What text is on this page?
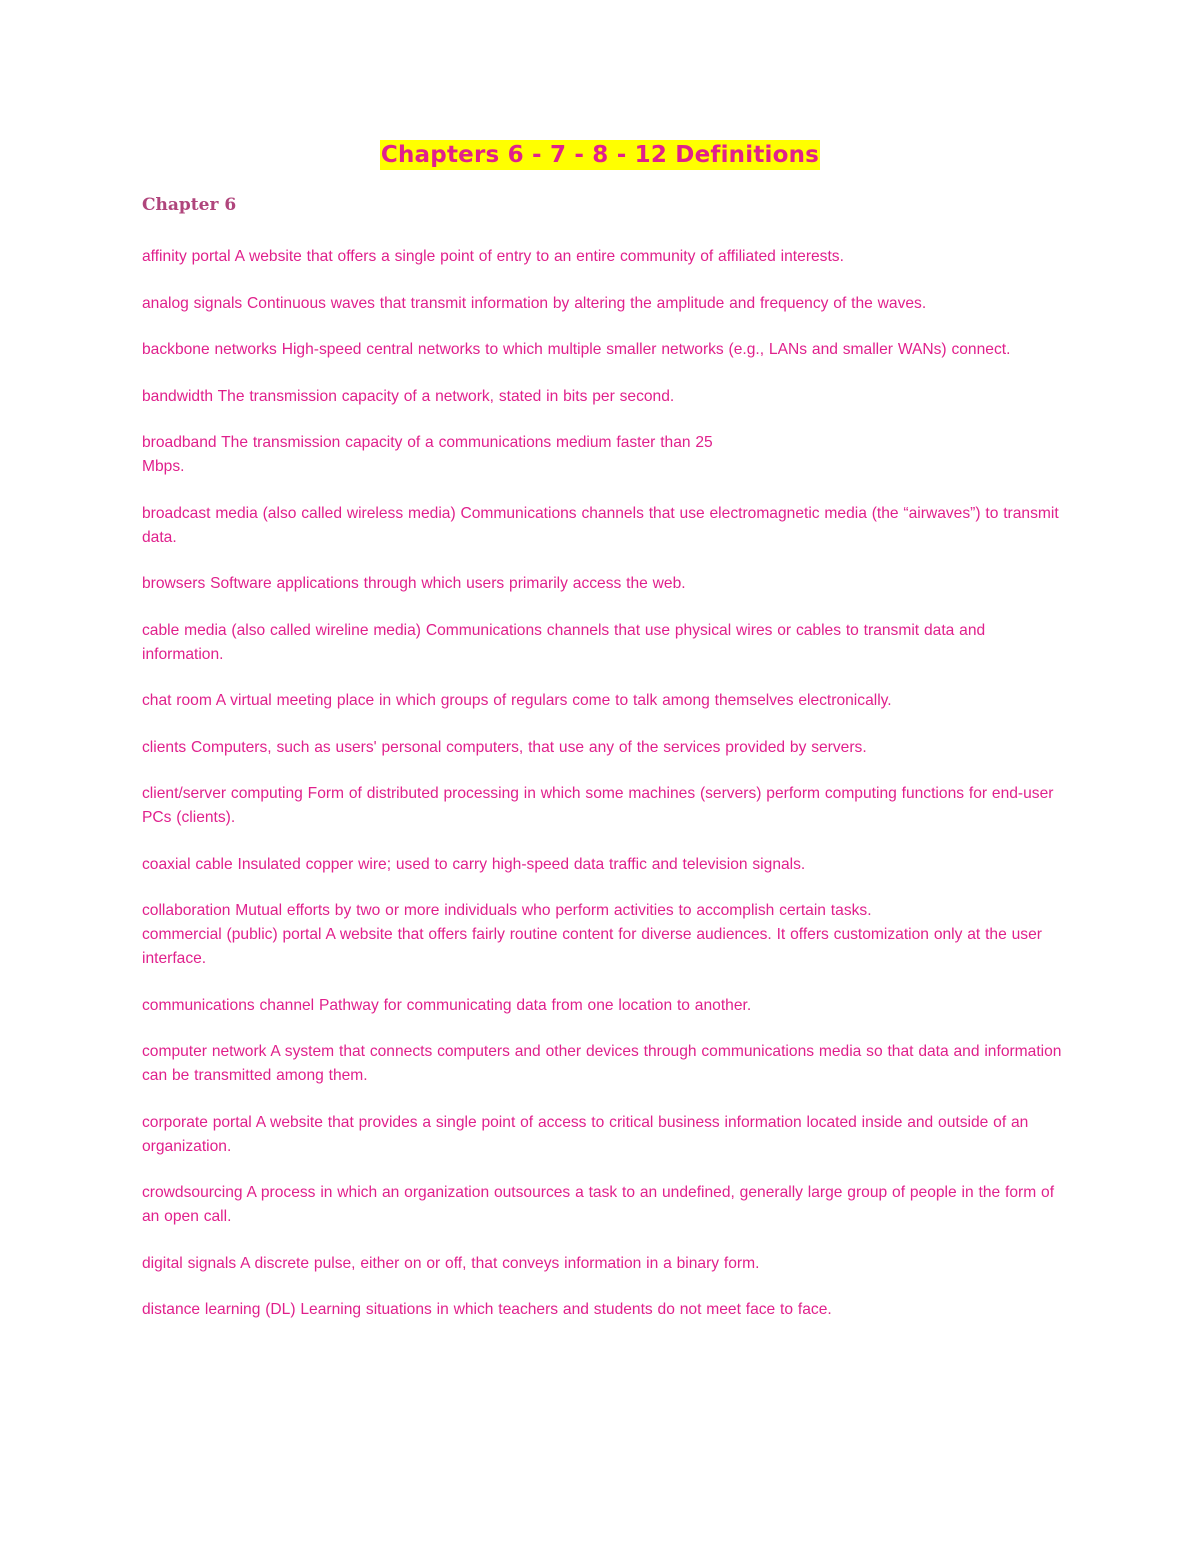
Chapters 6 - 7 - 8 - 12 Definitions
Chapter 6

affinity portal A website that offers a single point of entry to an entire community of affiliated interests.

analog signals Continuous waves that transmit information by altering the amplitude and frequency of the waves.

backbone networks High-speed central networks to which multiple smaller networks (e.g., LANs and smaller WANs) connect.

bandwidth The transmission capacity of a network, stated in bits per second.

broadband The transmission capacity of a communications medium faster than 25

Mbps.

broadcast media (also called wireless media) Communications channels that use electromagnetic media (the “airwaves”) to transmit data.

browsers Software applications through which users primarily access the web.

cable media (also called wireline media) Communications channels that use physical wires or cables to transmit data and information.

chat room A virtual meeting place in which groups of regulars come to talk among themselves electronically.

clients Computers, such as users' personal computers, that use any of the services provided by servers.

client/server computing Form of distributed processing in which some machines (servers) perform computing functions for end-user PCs (clients).

coaxial cable Insulated copper wire; used to carry high-speed data traffic and television signals.

collaboration Mutual efforts by two or more individuals who perform activities to accomplish certain tasks.

commercial (public) portal A website that offers fairly routine content for diverse audiences. It offers customization only at the user interface.

communications channel Pathway for communicating data from one location to another.

computer network A system that connects computers and other devices through communications media so that data and information can be transmitted among them.

corporate portal A website that provides a single point of access to critical business information located inside and outside of an organization.

crowdsourcing A process in which an organization outsources a task to an undefined, generally large group of people in the form of an open call.

digital signals A discrete pulse, either on or off, that conveys information in a binary form.

distance learning (DL) Learning situations in which teachers and students do not meet face to face.
